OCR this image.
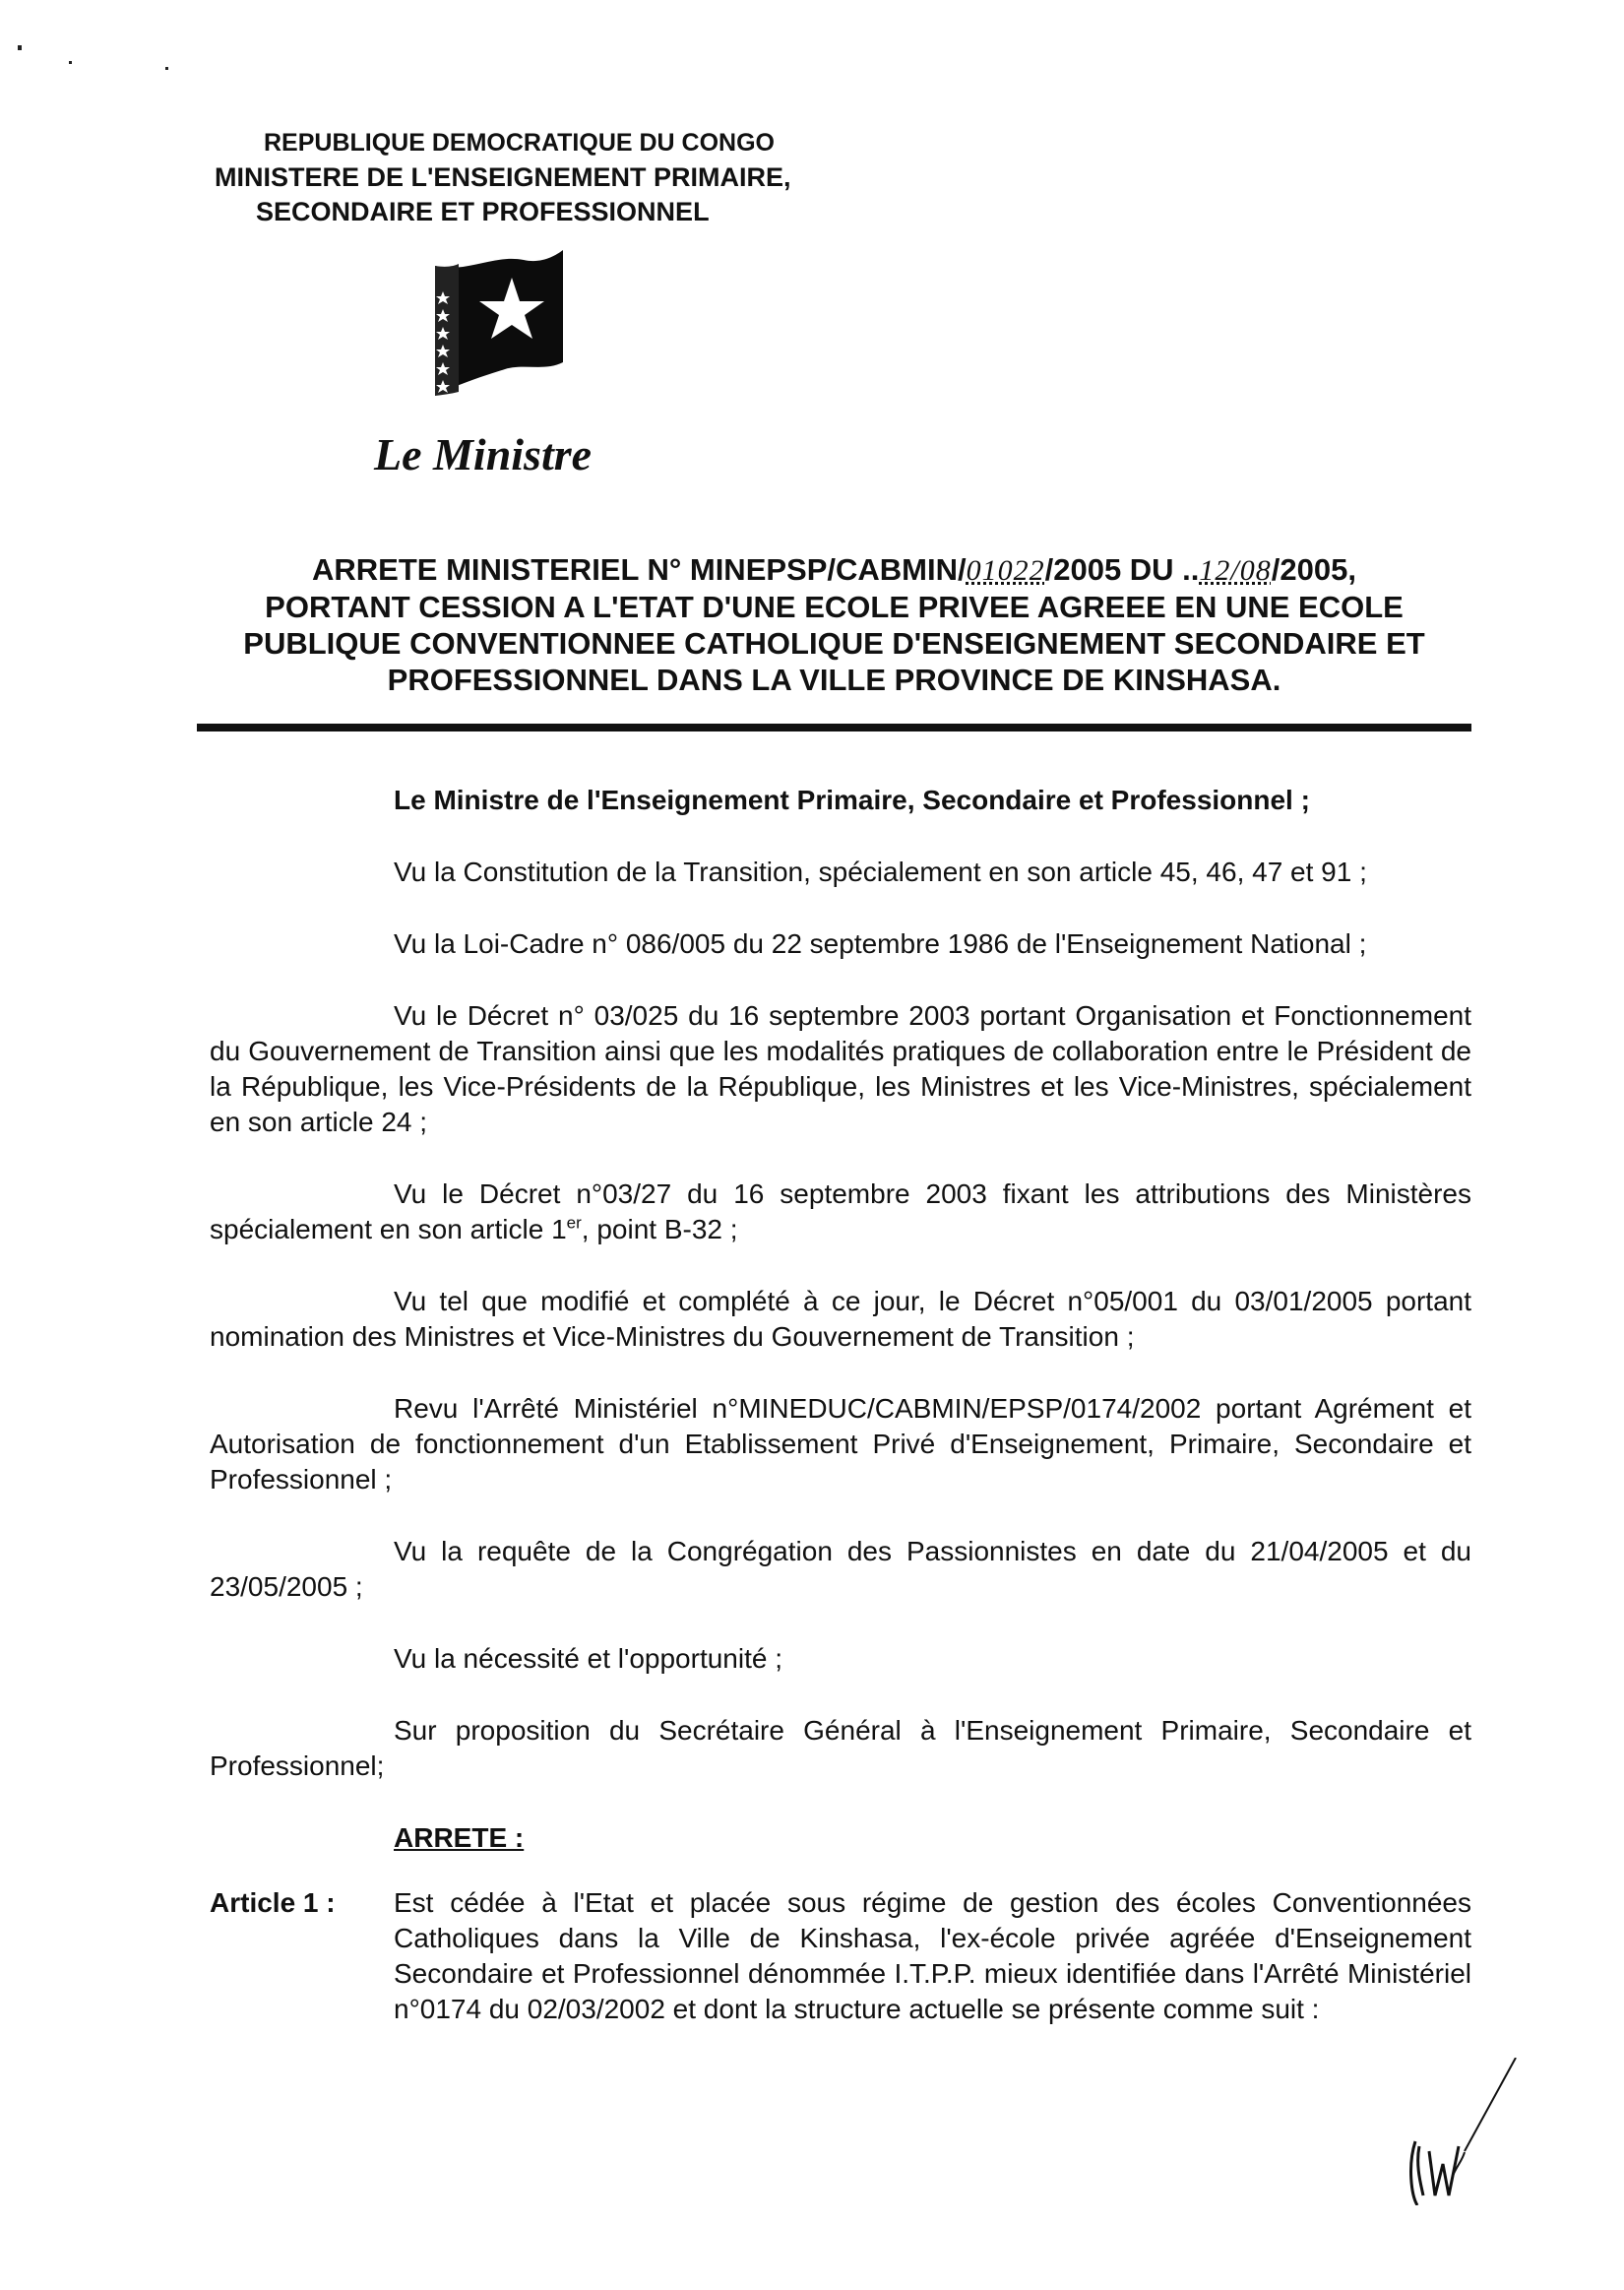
REPUBLIQUE DEMOCRATIQUE DU CONGO
MINISTERE DE L'ENSEIGNEMENT PRIMAIRE,
SECONDAIRE ET PROFESSIONNEL
Le Ministre
ARRETE MINISTERIEL N° MINEPSP/CABMIN/01022/2005 DU ..12/08/2005,
PORTANT CESSION A L'ETAT D'UNE ECOLE PRIVEE AGREEE EN UNE ECOLE PUBLIQUE CONVENTIONNEE CATHOLIQUE D'ENSEIGNEMENT SECONDAIRE ET PROFESSIONNEL DANS LA VILLE PROVINCE DE KINSHASA.

Le Ministre de l'Enseignement Primaire, Secondaire et Professionnel ;

Vu la Constitution de la Transition, spécialement en son article 45, 46, 47 et 91 ;

Vu la Loi-Cadre n° 086/005 du 22 septembre 1986 de l'Enseignement National ;

Vu le Décret n° 03/025 du 16 septembre 2003 portant Organisation et Fonctionnement du Gouvernement de Transition ainsi que les modalités pratiques de collaboration entre le Président de la République, les Vice-Présidents de la République, les Ministres et les Vice-Ministres, spécialement en son article 24 ;

Vu le Décret n°03/27 du 16 septembre 2003 fixant les attributions des Ministères spécialement en son article 1er, point B-32 ;

Vu tel que modifié et complété à ce jour, le Décret n°05/001 du 03/01/2005 portant nomination des Ministres et Vice-Ministres du Gouvernement de Transition ;

Revu l'Arrêté Ministériel n°MINEDUC/CABMIN/EPSP/0174/2002 portant Agrément et Autorisation de fonctionnement d'un Etablissement Privé d'Enseignement, Primaire, Secondaire et Professionnel ;

Vu la requête de la Congrégation des Passionnistes en date du 21/04/2005 et du 23/05/2005 ;

Vu la nécessité et l'opportunité ;

Sur proposition du Secrétaire Général à l'Enseignement Primaire, Secondaire et Professionnel;

ARRETE :

Article 1 :	Est cédée à l'Etat et placée sous régime de gestion des écoles Conventionnées Catholiques dans la Ville de Kinshasa, l'ex-école privée agréée d'Enseignement Secondaire et Professionnel dénommée I.T.P.P. mieux identifiée dans l'Arrêté Ministériel n°0174 du 02/03/2002 et dont la structure actuelle se présente comme suit :
